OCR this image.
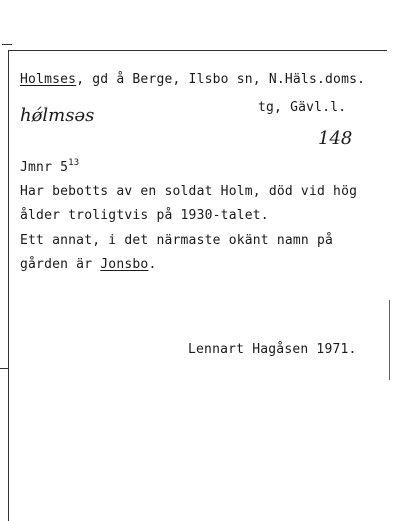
Holmses, gd å Berge, Ilsbo sn, N.Häls.doms.
tg, Gävl.l.
hǿlmsəs
148
Jmnr $5^{13}$
Har bebotts av en soldat Holm, död vid hög
ålder troligtvis på 1930-talet.
Ett annat, i det närmaste okänt namn på
gården är Jonsbo.
Lennart Hagåsen 1971.
